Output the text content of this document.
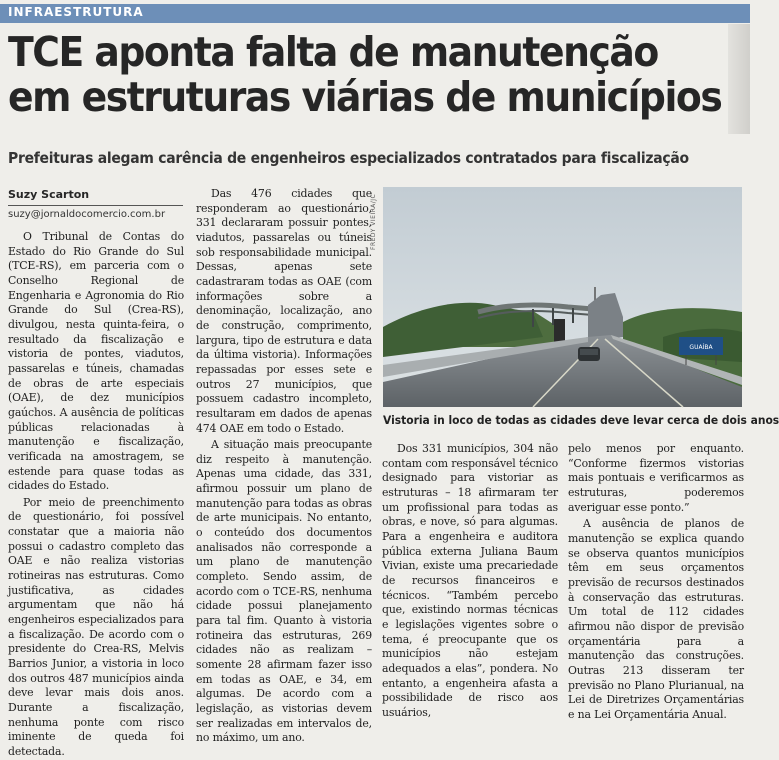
INFRAESTRUTURA
TCE aponta falta de manutenção
em estruturas viárias de municípios
Prefeituras alegam carência de engenheiros especializados contratados para fiscalização
Suzy Scarton
suzy@jornaldocomercio.com.br

O Tribunal de Contas do Estado do Rio Grande do Sul (TCE-RS), em parceria com o Conselho Regional de Engenharia e Agronomia do Rio Grande do Sul (Crea-RS), divulgou, nesta quinta-feira, o resultado da fiscalização e vistoria de pontes, viadutos, passarelas e túneis, chamadas de obras de arte especiais (OAE), de dez municípios gaúchos. A ausência de políticas públicas relacionadas à manutenção e fiscalização, verificada na amostragem, se estende para quase todas as cidades do Estado.

Por meio de preenchimento de questionário, foi possível constatar que a maioria não possui o cadastro completo das OAE e não realiza vistorias rotineiras nas estruturas. Como justificativa, as cidades argumentam que não há engenheiros especializados para a fiscalização. De acordo com o presidente do Crea-RS, Melvis Barrios Junior, a vistoria in loco dos outros 487 municípios ainda deve levar mais dois anos. Durante a fiscalização, nenhuma ponte com risco iminente de queda foi detectada.

Das 476 cidades que responderam ao questionário, 331 declararam possuir pontes, viadutos, passarelas ou túneis sob responsabilidade municipal. Dessas, apenas sete cadastraram todas as OAE (com informações sobre a denominação, localização, ano de construção, comprimento, largura, tipo de estrutura e data da última vistoria). Informações repassadas por esses sete e outros 27 municípios, que possuem cadastro incompleto, resultaram em dados de apenas 474 OAE em todo o Estado.

A situação mais preocupante diz respeito à manutenção. Apenas uma cidade, das 331, afirmou possuir um plano de manutenção para todas as obras de arte municipais. No entanto, o conteúdo dos documentos analisados não corresponde a um plano de manutenção completo. Sendo assim, de acordo com o TCE-RS, nenhuma cidade possui planejamento para tal fim. Quanto à vistoria rotineira das estruturas, 269 cidades não as realizam – somente 28 afirmam fazer isso em todas as OAE, e 34, em algumas. De acordo com a legislação, as vistorias devem ser realizadas em intervalos de, no máximo, um ano.

FREDY VIEIRA/JC
GUAÍBA
Vistoria in loco de todas as cidades deve levar cerca de dois anos

Dos 331 municípios, 304 não contam com responsável técnico designado para vistoriar as estruturas – 18 afirmaram ter um profissional para todas as obras, e nove, só para algumas. Para a engenheira e auditora pública externa Juliana Baum Vivian, existe uma precariedade de recursos financeiros e técnicos. “Também percebo que, existindo normas técnicas e legislações vigentes sobre o tema, é preocupante que os municípios não estejam adequados a elas”, pondera. No entanto, a engenheira afasta a possibilidade de risco aos usuários,

pelo menos por enquanto. “Conforme fizermos vistorias mais pontuais e verificarmos as estruturas, poderemos averiguar esse ponto.”

A ausência de planos de manutenção se explica quando se observa quantos municípios têm em seus orçamentos previsão de recursos destinados à conservação das estruturas. Um total de 112 cidades afirmou não dispor de previsão orçamentária para a manutenção das construções. Outras 213 disseram ter previsão no Plano Plurianual, na Lei de Diretrizes Orçamentárias e na Lei Orçamentária Anual.
